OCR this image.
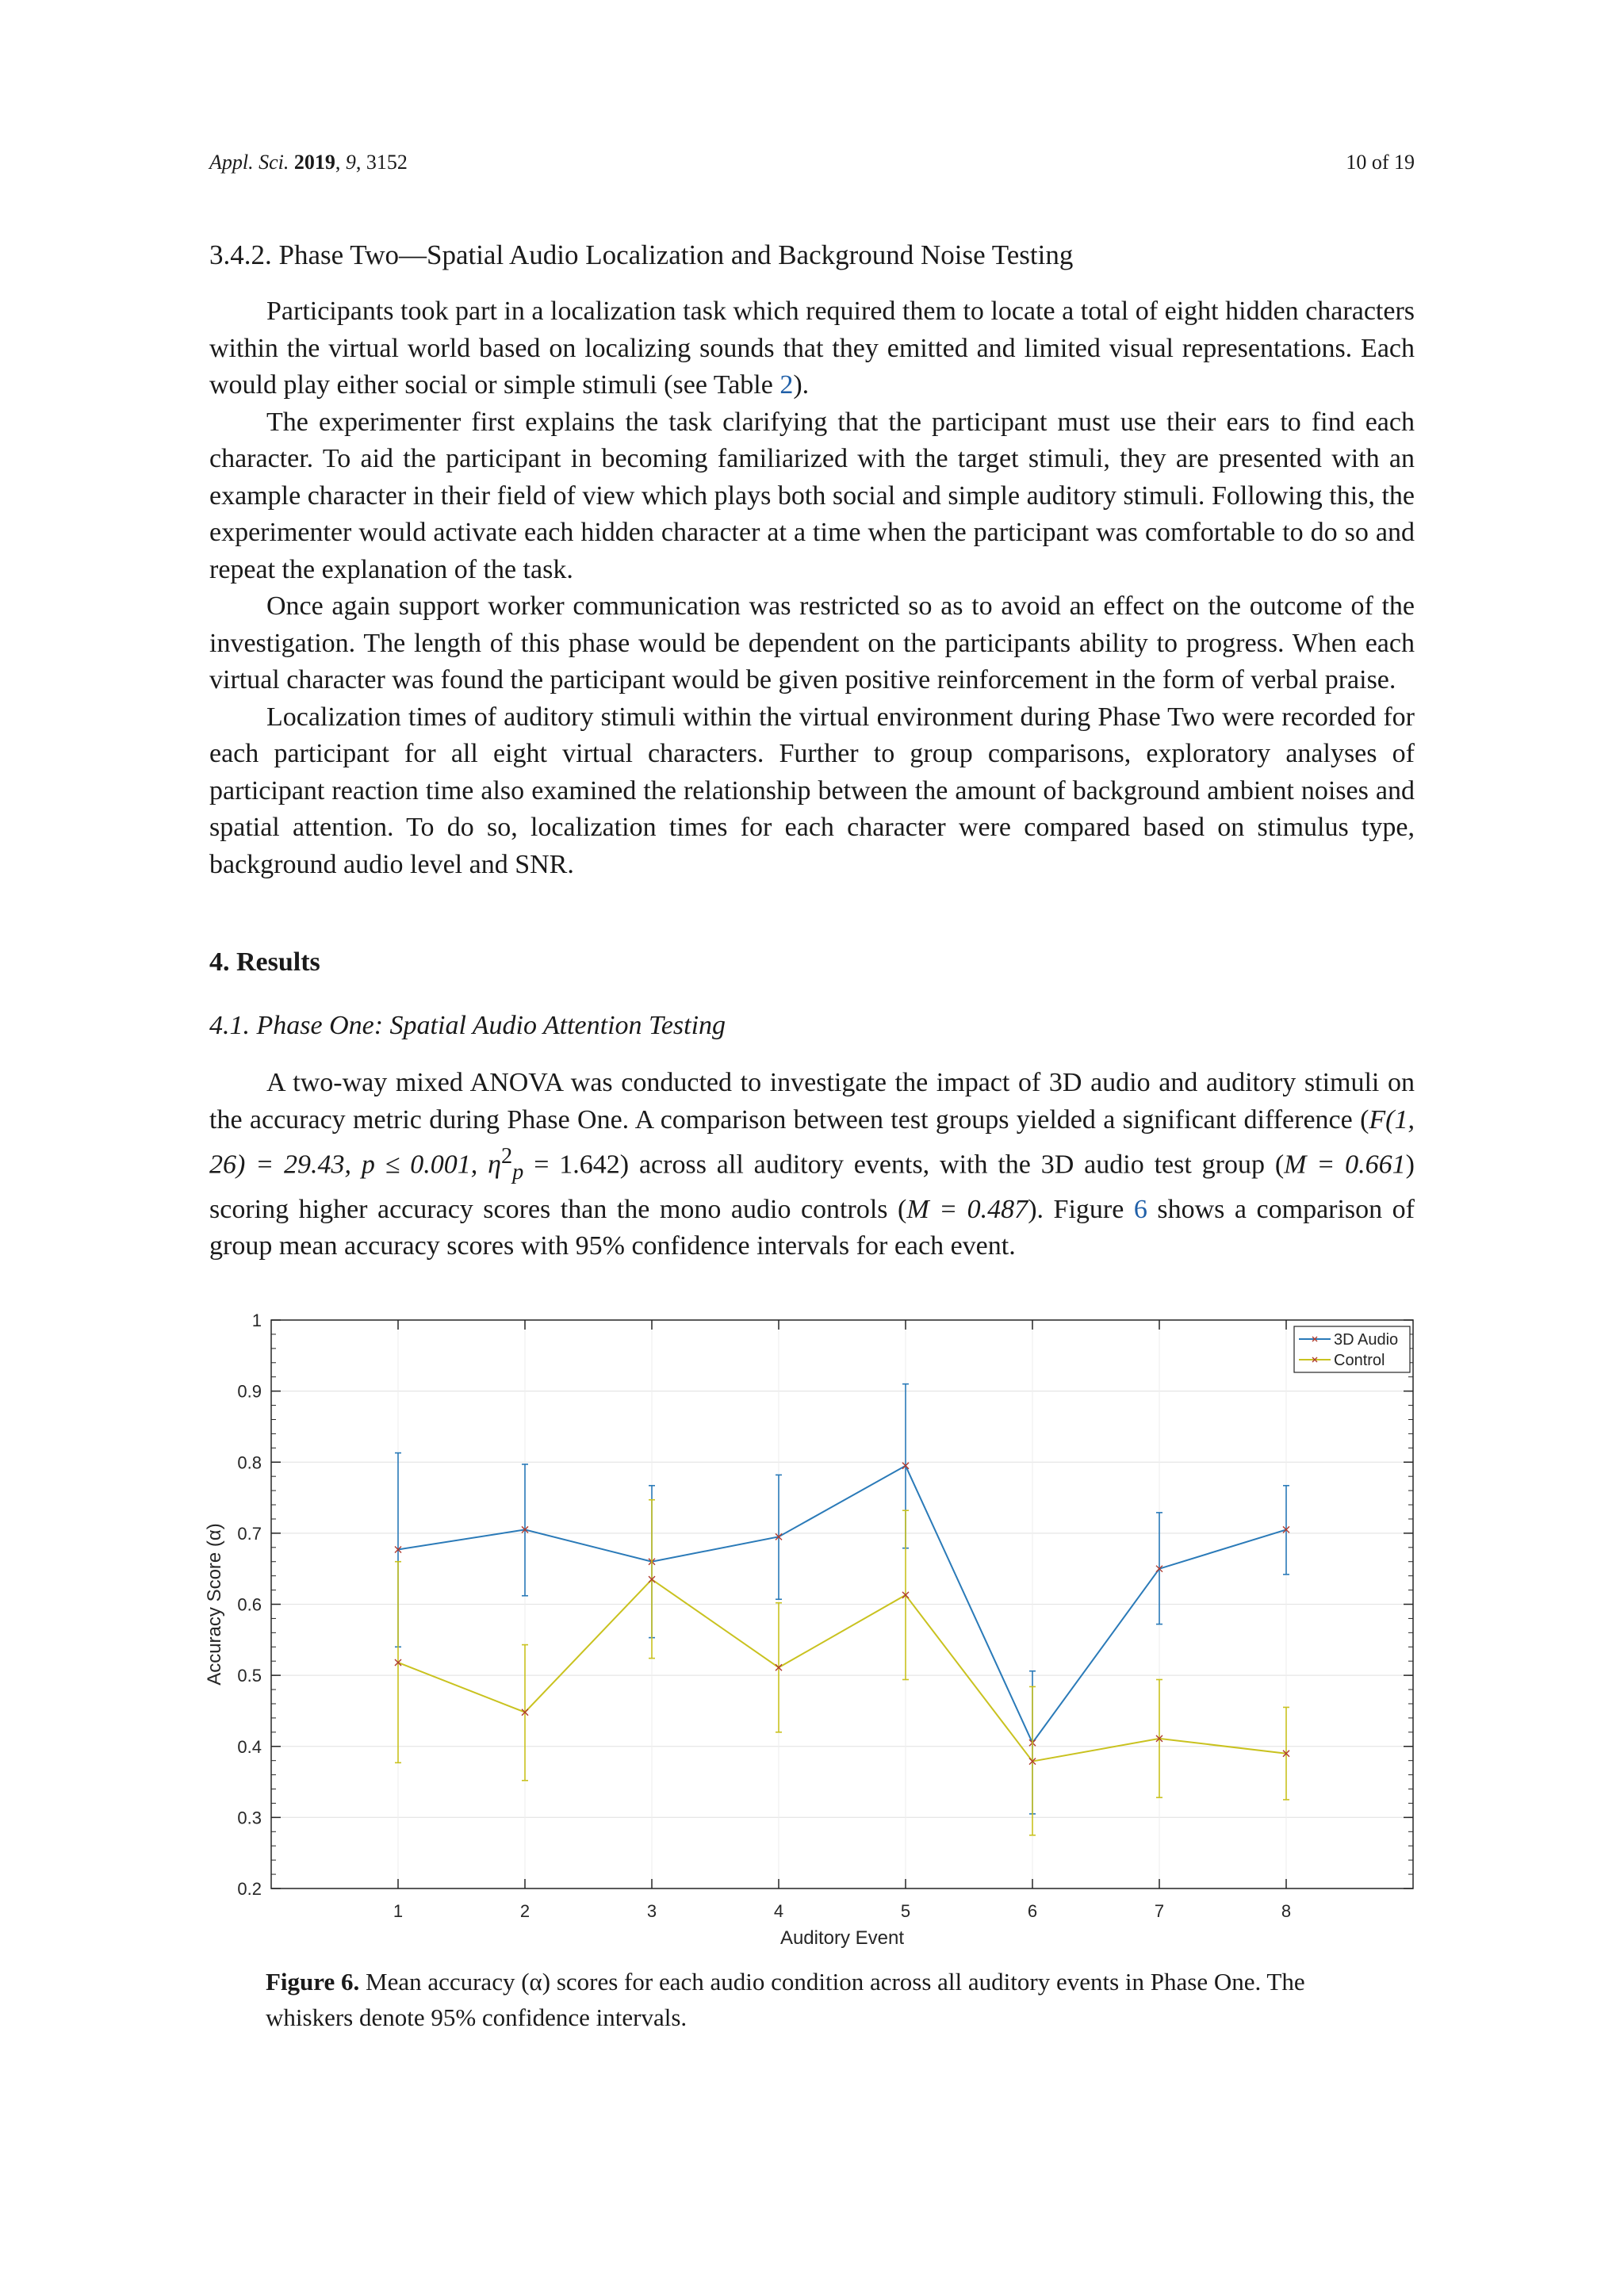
Appl. Sci. 2019, 9, 3152	10 of 19
3.4.2. Phase Two—Spatial Audio Localization and Background Noise Testing

Participants took part in a localization task which required them to locate a total of eight hidden characters within the virtual world based on localizing sounds that they emitted and limited visual representations. Each would play either social or simple stimuli (see Table 2).

The experimenter first explains the task clarifying that the participant must use their ears to find each character. To aid the participant in becoming familiarized with the target stimuli, they are presented with an example character in their field of view which plays both social and simple auditory stimuli. Following this, the experimenter would activate each hidden character at a time when the participant was comfortable to do so and repeat the explanation of the task.

Once again support worker communication was restricted so as to avoid an effect on the outcome of the investigation. The length of this phase would be dependent on the participants ability to progress. When each virtual character was found the participant would be given positive reinforcement in the form of verbal praise.

Localization times of auditory stimuli within the virtual environment during Phase Two were recorded for each participant for all eight virtual characters. Further to group comparisons, exploratory analyses of participant reaction time also examined the relationship between the amount of background ambient noises and spatial attention. To do so, localization times for each character were compared based on stimulus type, background audio level and SNR.

4. Results
4.1. Phase One: Spatial Audio Attention Testing

A two-way mixed ANOVA was conducted to investigate the impact of 3D audio and auditory stimuli on the accuracy metric during Phase One. A comparison between test groups yielded a significant difference (F(1, 26) = 29.43, p ≤ 0.001, $\eta^2_p = 1.642$) across all auditory events, with the 3D audio test group (M = 0.661) scoring higher accuracy scores than the mono audio controls (M = 0.487). Figure 6 shows a comparison of group mean accuracy scores with 95% confidence intervals for each event.

0.2
0.3
0.4
0.5
0.6
0.7
0.8
0.9
1
1	2	3	4	5	6	7	8
Auditory Event
Accuracy Score (α)
3D Audio
Control
Figure 6. Mean accuracy (α) scores for each audio condition across all auditory events in Phase One. The whiskers denote 95% confidence intervals.
